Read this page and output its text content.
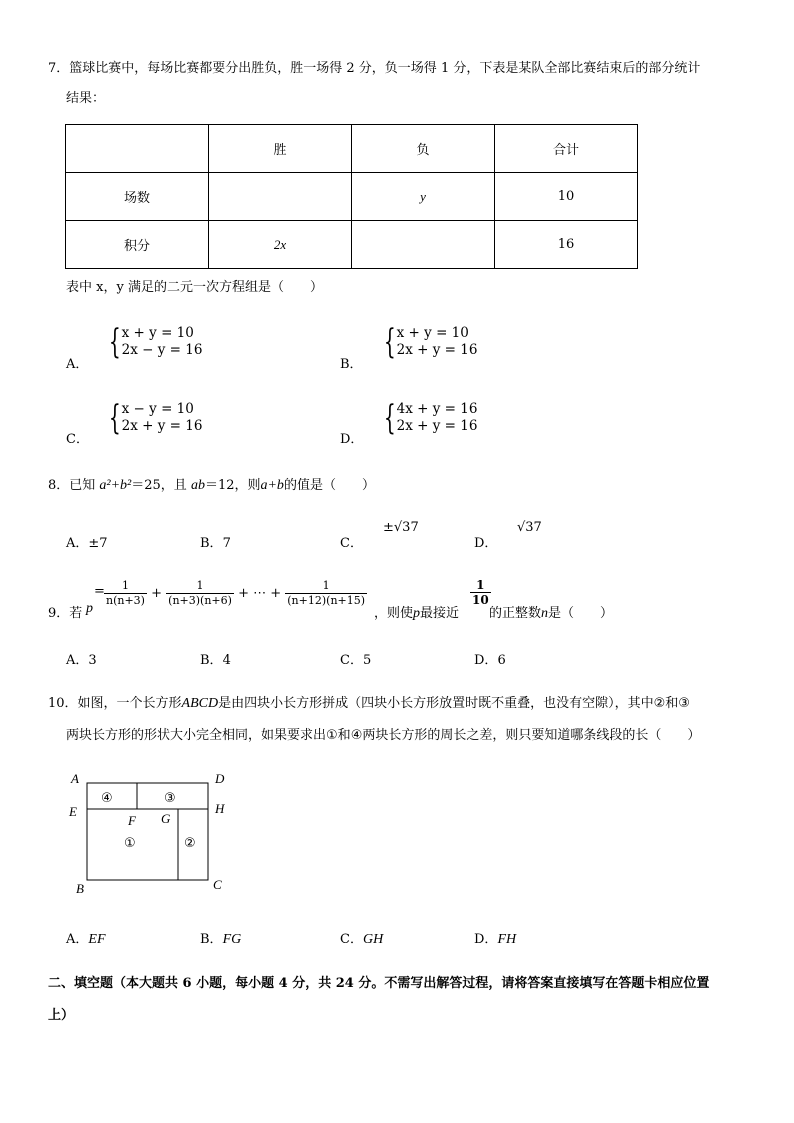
7．篮球比赛中，每场比赛都要分出胜负，胜一场得 2 分，负一场得 1 分，下表是某队全部比赛结束后的部分统计
结果：
	胜	负	合计
场数		y	10
积分	2x		16
表中 x，y 满足的二元一次方程组是（　　）
A．
{ x + y = 10
2x − y = 16
B．
{ x + y = 10
2x + y = 16
C．
{ x − y = 10
2x + y = 16
D．
{ 4x + y = 16
2x + y = 16
8．已知 a²+b²＝25，且 ab＝12，则a+b的值是（　　）
A．±7	B．7	C．
±√37
D．
√37
9．若 p
= $\frac{1}{n(n+3)} + \frac{1}{(n+3)(n+6)}$ + ⋯ + $\frac{1}{(n+12)(n+15)}$
，则使p最接近
$\frac{1}{10}$
的正整数n是（　　）
A．3	B．4	C．5	D．6
10．如图，一个长方形ABCD是由四块小长方形拼成（四块小长方形放置时既不重叠，也没有空隙），其中②和③
两块长方形的形状大小完全相同，如果要求出①和④两块长方形的周长之差，则只要知道哪条线段的长（　　）
A	D
E	H
F G
B	C
④	③
①	②
A．EF	B．FG	C．GH	D．FH
二、填空题（本大题共 6 小题，每小题 4 分，共 24 分。不需写出解答过程，请将答案直接填写在答题卡相应位置
上）
